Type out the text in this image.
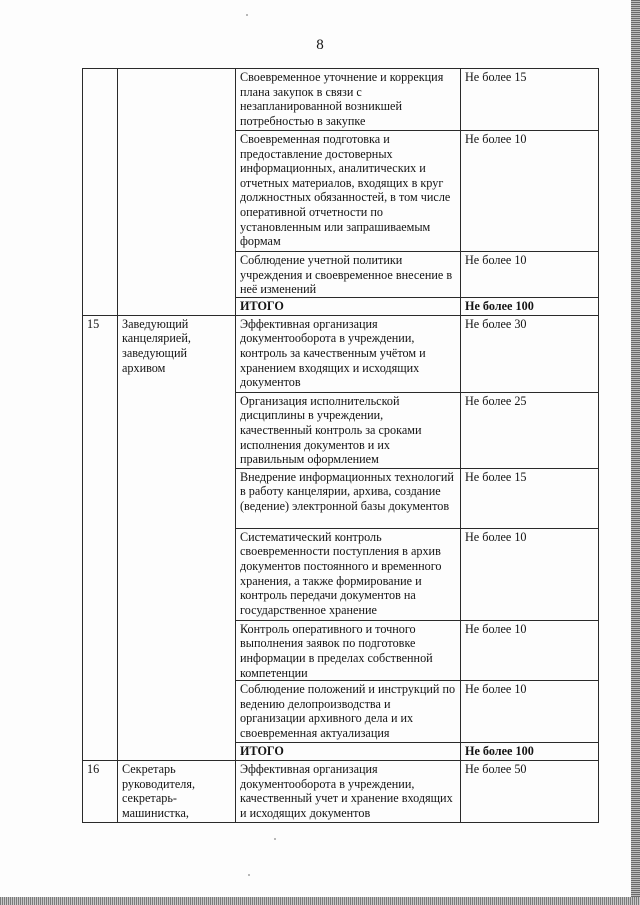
8
		Своевременное уточнение и коррекция плана закупок в связи с незапланированной возникшей потребностью в закупке	Не более 15
		Своевременная подготовка и предоставление достоверных информационных, аналитических и отчетных материалов, входящих в круг должностных обязанностей, в том числе оперативной отчетности по установленным или запрашиваемым формам	Не более 10
		Соблюдение учетной политики учреждения и своевременное внесение в неё изменений	Не более 10
		ИТОГО	Не более 100
15	Заведующий канцелярией, заведующий архивом	Эффективная организация документооборота в учреждении, контроль за качественным учётом и хранением входящих и исходящих документов	Не более 30
		Организация исполнительской дисциплины в учреждении, качественный контроль за сроками исполнения документов и их правильным оформлением	Не более 25
		Внедрение информационных технологий в работу канцелярии, архива, создание (ведение) электронной базы документов	Не более 15
		Систематический контроль своевременности поступления в архив документов постоянного и временного хранения, а также формирование и контроль передачи документов на государственное хранение	Не более 10
		Контроль оперативного и точного выполнения заявок по подготовке информации в пределах собственной компетенции	Не более 10
		Соблюдение положений и инструкций по ведению делопроизводства и организации архивного дела и их своевременная актуализация	Не более 10
		ИТОГО	Не более 100
16	Секретарь руководителя, секретарь-машинистка,	Эффективная организация документооборота в учреждении, качественный учет и хранение входящих и исходящих документов	Не более 50
